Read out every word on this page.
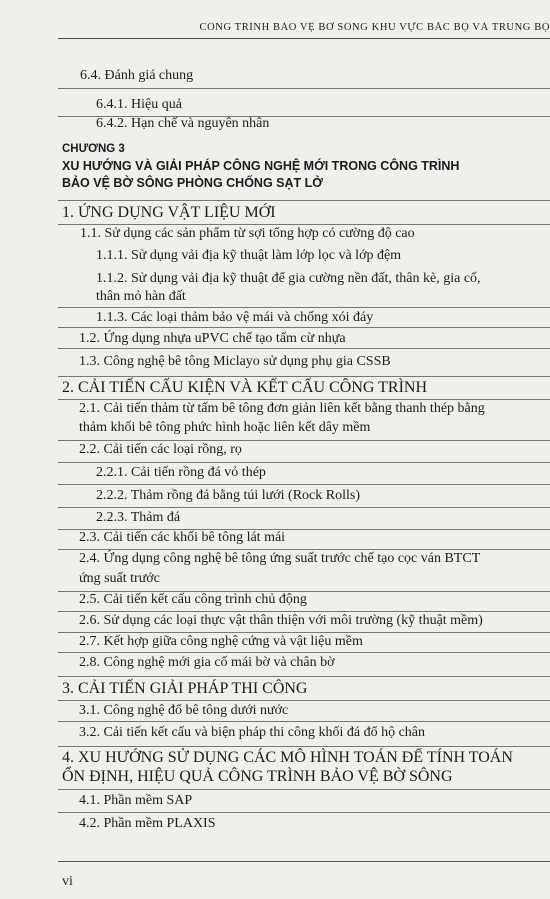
CÔNG TRÌNH BẢO VỆ BỜ SÔNG KHU VỰC BẮC BỘ VÀ TRUNG BỘ
6.4. Đánh giá chung
6.4.1. Hiệu quả
6.4.2. Hạn chế và nguyên nhân
CHƯƠNG 3
XU HƯỚNG VÀ GIẢI PHÁP CÔNG NGHỆ MỚI TRONG CÔNG TRÌNH
BẢO VỆ BỜ SÔNG PHÒNG CHỐNG SẠT LỞ
1. ỨNG DỤNG VẬT LIỆU MỚI
1.1. Sử dụng các sản phẩm từ sợi tổng hợp có cường độ cao
1.1.1. Sử dụng vải địa kỹ thuật làm lớp lọc và lớp đệm
1.1.2. Sử dụng vải địa kỹ thuật để gia cường nền đất, thân kè, gia cố,
thân mỏ hàn đất
1.1.3. Các loại thảm bảo vệ mái và chống xói đáy
1.2. Ứng dụng nhựa uPVC chế tạo tấm cừ nhựa
1.3. Công nghệ bê tông Miclayo sử dụng phụ gia CSSB
2. CẢI TIẾN CẤU KIỆN VÀ KẾT CẤU CÔNG TRÌNH
2.1. Cải tiến thảm từ tấm bê tông đơn giản liên kết bằng thanh thép bằng
thảm khối bê tông phức hình hoặc liên kết dây mềm
2.2. Cải tiến các loại rồng, rọ
2.2.1. Cải tiến rồng đá vỏ thép
2.2.2. Thảm rồng đá bằng túi lưới (Rock Rolls)
2.2.3. Thảm đá
2.3. Cải tiến các khối bê tông lát mái
2.4. Ứng dụng công nghệ bê tông ứng suất trước chế tạo cọc ván BTCT
ứng suất trước
2.5. Cải tiến kết cấu công trình chủ động
2.6. Sử dụng các loại thực vật thân thiện với môi trường (kỹ thuật mềm)
2.7. Kết hợp giữa công nghệ cứng và vật liệu mềm
2.8. Công nghệ mới gia cố mái bờ và chân bờ
3. CẢI TIẾN GIẢI PHÁP THI CÔNG
3.1. Công nghệ đổ bê tông dưới nước
3.2. Cải tiến kết cấu và biện pháp thi công khối đá đổ hộ chân
4. XU HƯỚNG SỬ DỤNG CÁC MÔ HÌNH TOÁN ĐỂ TÍNH TOÁN
ỔN ĐỊNH, HIỆU QUẢ CÔNG TRÌNH BẢO VỆ BỜ SÔNG
4.1. Phần mềm SAP
4.2. Phần mềm PLAXIS
vi
